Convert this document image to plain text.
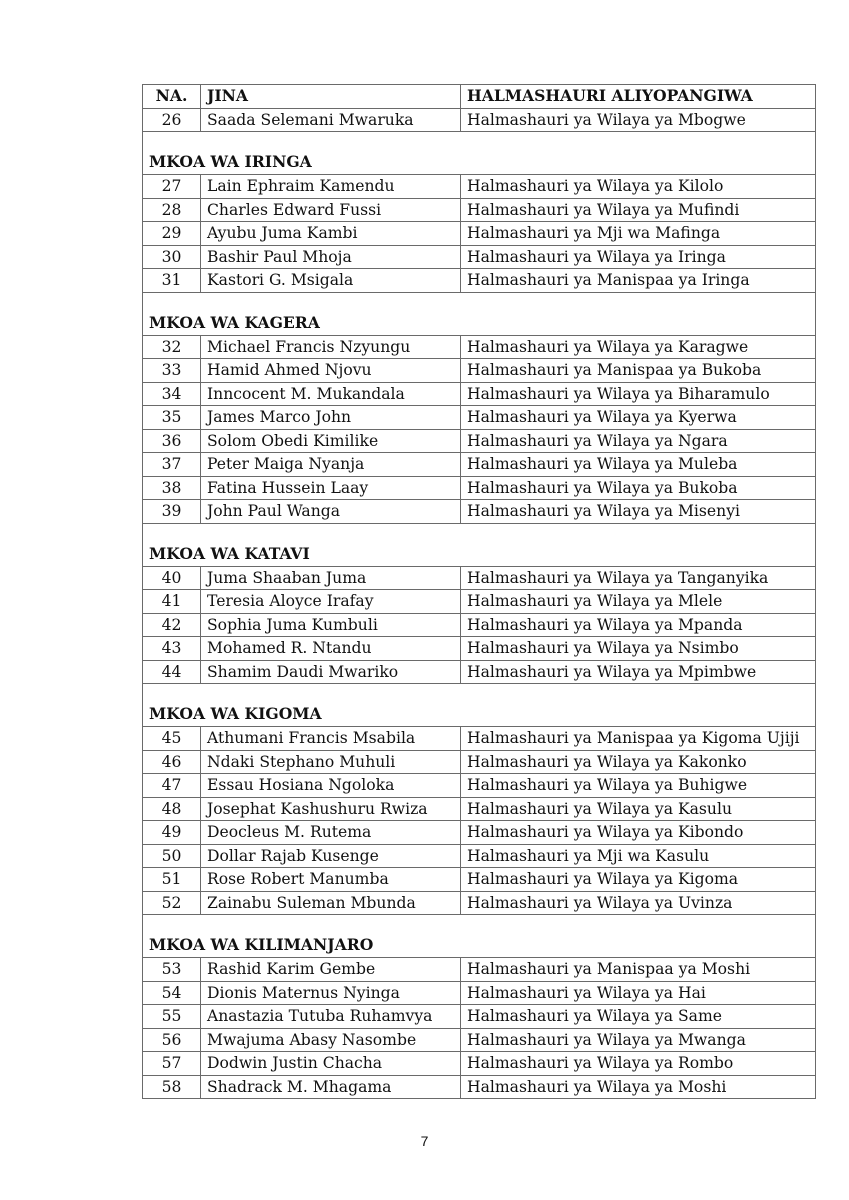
NA.	JINA	HALMASHAURI ALIYOPANGIWA
26	Saada Selemani Mwaruka	Halmashauri ya Wilaya ya Mbogwe
MKOA WA IRINGA		
27	Lain Ephraim Kamendu	Halmashauri ya Wilaya ya Kilolo
28	Charles Edward Fussi	Halmashauri ya Wilaya ya Mufindi
29	Ayubu Juma Kambi	Halmashauri ya Mji wa Mafinga
30	Bashir Paul Mhoja	Halmashauri ya Wilaya ya Iringa
31	Kastori G. Msigala	Halmashauri ya Manispaa ya Iringa
MKOA WA KAGERA		
32	Michael Francis Nzyungu	Halmashauri ya Wilaya ya Karagwe
33	Hamid Ahmed Njovu	Halmashauri ya Manispaa ya Bukoba
34	Inncocent M. Mukandala	Halmashauri ya Wilaya ya Biharamulo
35	James Marco John	Halmashauri ya Wilaya ya Kyerwa
36	Solom Obedi Kimilike	Halmashauri ya Wilaya ya Ngara
37	Peter Maiga Nyanja	Halmashauri ya Wilaya ya Muleba
38	Fatina Hussein Laay	Halmashauri ya Wilaya ya Bukoba
39	John Paul Wanga	Halmashauri ya Wilaya ya Misenyi
MKOA WA KATAVI		
40	Juma Shaaban Juma	Halmashauri ya Wilaya ya Tanganyika
41	Teresia Aloyce Irafay	Halmashauri ya Wilaya ya Mlele
42	Sophia Juma Kumbuli	Halmashauri ya Wilaya ya Mpanda
43	Mohamed R. Ntandu	Halmashauri ya Wilaya ya Nsimbo
44	Shamim Daudi Mwariko	Halmashauri ya Wilaya ya Mpimbwe
MKOA WA KIGOMA		
45	Athumani Francis Msabila	Halmashauri ya Manispaa ya Kigoma Ujiji
46	Ndaki Stephano Muhuli	Halmashauri ya Wilaya ya Kakonko
47	Essau Hosiana Ngoloka	Halmashauri ya Wilaya ya Buhigwe
48	Josephat Kashushuru Rwiza	Halmashauri ya Wilaya ya Kasulu
49	Deocleus M. Rutema	Halmashauri ya Wilaya ya Kibondo
50	Dollar Rajab Kusenge	Halmashauri ya Mji wa Kasulu
51	Rose Robert Manumba	Halmashauri ya Wilaya ya Kigoma
52	Zainabu Suleman Mbunda	Halmashauri ya Wilaya ya Uvinza
MKOA WA KILIMANJARO		
53	Rashid Karim Gembe	Halmashauri ya Manispaa ya Moshi
54	Dionis Maternus Nyinga	Halmashauri ya Wilaya ya Hai
55	Anastazia Tutuba Ruhamvya	Halmashauri ya Wilaya ya Same
56	Mwajuma Abasy Nasombe	Halmashauri ya Wilaya ya Mwanga
57	Dodwin Justin Chacha	Halmashauri ya Wilaya ya Rombo
58	Shadrack M. Mhagama	Halmashauri ya Wilaya ya Moshi
7
